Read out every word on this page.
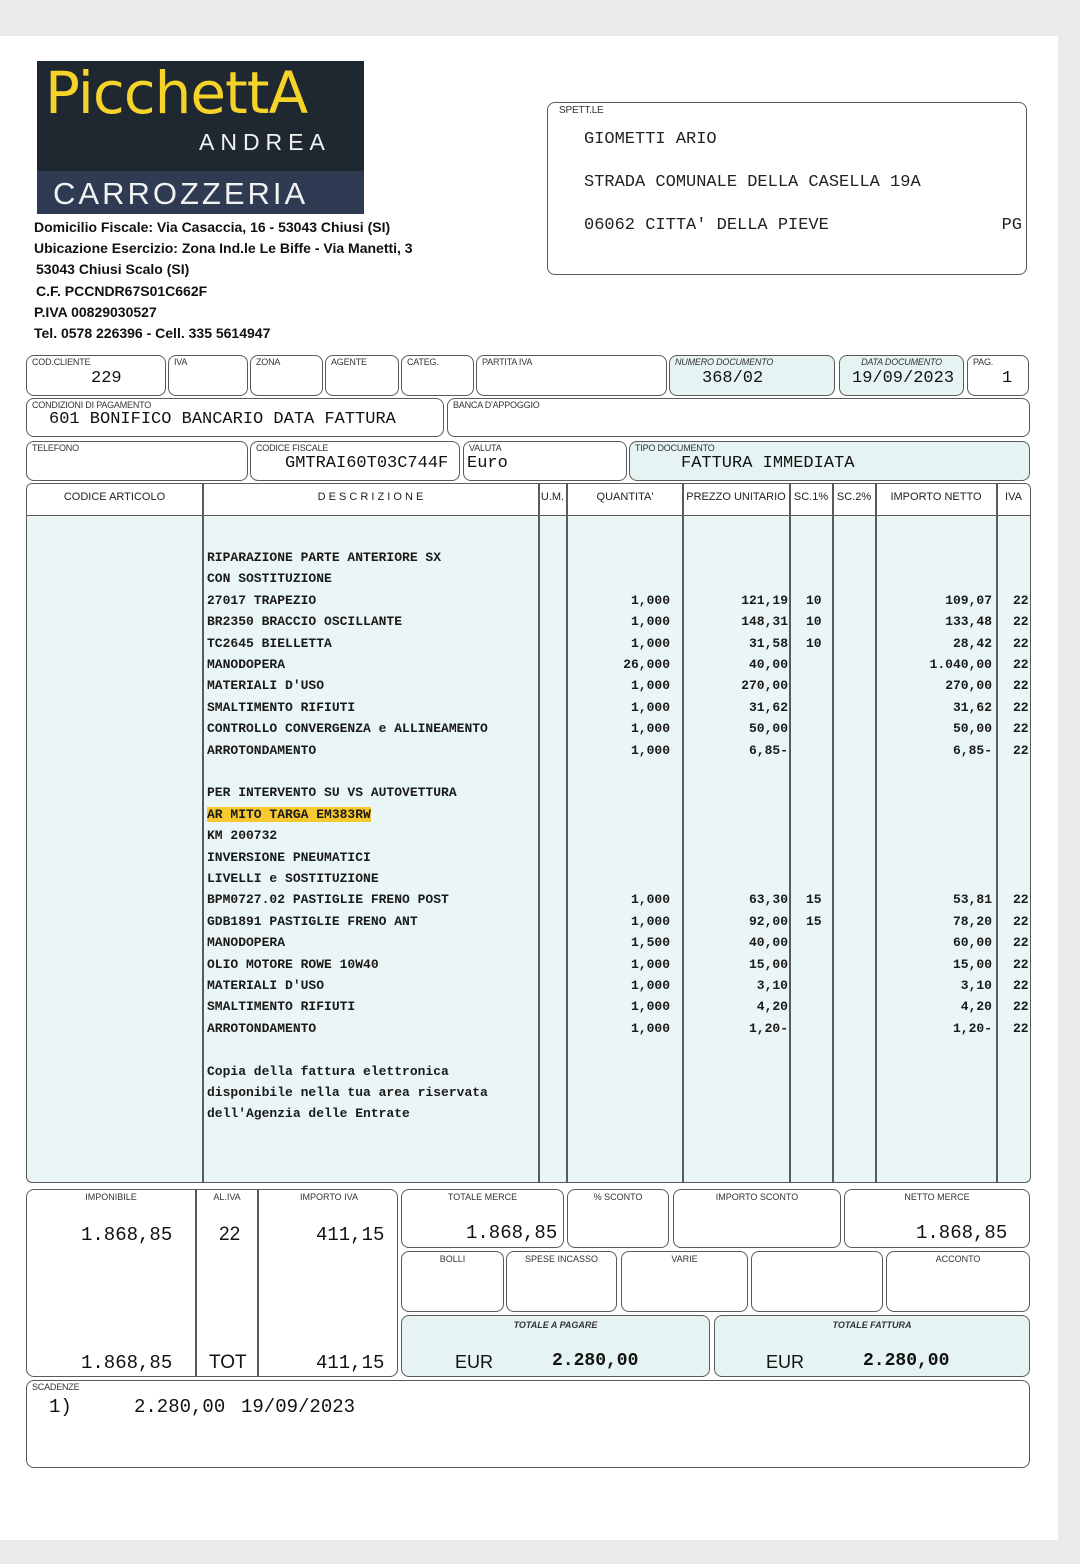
PicchettA
ANDREA
CARROZZERIA
Domicilio Fiscale: Via Casaccia, 16 - 53043 Chiusi (SI)
Ubicazione Esercizio: Zona Ind.le Le Biffe - Via Manetti, 3
53043 Chiusi Scalo (SI)
C.F. PCCNDR67S01C662F
P.IVA 00829030527
Tel. 0578 226396 - Cell. 335 5614947
SPETT.LE
GIOMETTI ARIO
STRADA COMUNALE DELLA CASELLA 19A
06062 CITTA' DELLA PIEVE	PG
COD.CLIENTE
229
IVA	ZONA	AGENTE	CATEG.	PARTITA IVA	NUMERO DOCUMENTO
368/02
DATA DOCUMENTO
19/09/2023
PAG.
1
CONDIZIONI DI PAGAMENTO
601 BONIFICO BANCARIO DATA FATTURA
BANCA D'APPOGGIO
TELEFONO	CODICE FISCALE
GMTRAI60T03C744F
VALUTA
Euro
TIPO DOCUMENTO
FATTURA IMMEDIATA
CODICE ARTICOLO	D E S C R I Z I O N E	U.M.	QUANTITA'	PREZZO UNITARIO SC.1% SC.2%	IMPORTO NETTO	IVA
RIPARAZIONE PARTE ANTERIORE SX
CON SOSTITUZIONE
27017 TRAPEZIO	1,000	121,19 10	109,07 22
BR2350 BRACCIO OSCILLANTE	1,000	148,31 10	133,48 22
TC2645 BIELLETTA	1,000	31,58 10	28,42 22
MANODOPERA	26,000	40,00	1.040,00 22
MATERIALI D'USO	1,000	270,00	270,00 22
SMALTIMENTO RIFIUTI	1,000	31,62	31,62 22
CONTROLLO CONVERGENZA e ALLINEAMENTO	1,000	50,00	50,00 22
ARROTONDAMENTO	1,000	6,85-	6,85- 22
PER INTERVENTO SU VS AUTOVETTURA
AR MITO TARGA EM383RW
KM 200732
INVERSIONE PNEUMATICI
LIVELLI e SOSTITUZIONE
BPM0727.02 PASTIGLIE FRENO POST	1,000	63,30 15	53,81 22
GDB1891 PASTIGLIE FRENO ANT	1,000	92,00 15	78,20 22
MANODOPERA	1,500	40,00	60,00 22
OLIO MOTORE ROWE 10W40	1,000	15,00	15,00 22
MATERIALI D'USO	1,000	3,10	3,10 22
SMALTIMENTO RIFIUTI	1,000	4,20	4,20 22
ARROTONDAMENTO	1,000	1,20-	1,20- 22
Copia della fattura elettronica
disponibile nella tua area riservata
dell'Agenzia delle Entrate
IMPONIBILE	AL.IVA	IMPORTO IVA
1.868,85 22	411,15
1.868,85 TOT	411,15
TOTALE MERCE
1.868,85
% SCONTO	IMPORTO SCONTO	NETTO MERCE
1.868,85
BOLLI	SPESE INCASSO	VARIE	ACCONTO
TOTALE A PAGARE
EUR	2.280,00
TOTALE FATTURA
EUR	2.280,00
SCADENZE
1)	2.280,00 19/09/2023
